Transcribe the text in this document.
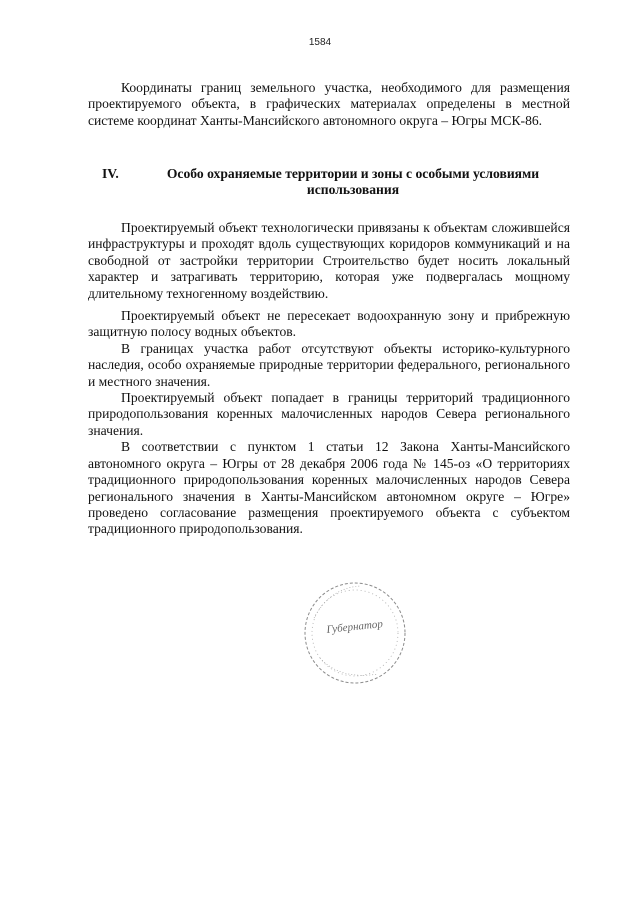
1584

Координаты границ земельного участка, необходимого для размещения проектируемого объекта, в графических материалах определены в местной системе координат Ханты-Мансийского автономного округа – Югры МСК-86.

IV.	Особо охраняемые территории и зоны с особыми условиями использования

Проектируемый объект технологически привязаны к объектам сложившейся инфраструктуры и проходят вдоль существующих коридоров коммуникаций и на свободной от застройки территории Строительство будет носить локальный характер и затрагивать территорию, которая уже подвергалась мощному длительному техногенному воздействию.

Проектируемый объект не пересекает водоохранную зону и прибрежную защитную полосу водных объектов.

В границах участка работ отсутствуют объекты историко-культурного наследия, особо охраняемые природные территории федерального, регионального и местного значения.

Проектируемый объект попадает в границы территорий традиционного природопользования коренных малочисленных народов Севера регионального значения.

В соответствии с пунктом 1 статьи 12 Закона Ханты-Мансийского автономного округа – Югры от 28 декабря 2006 года № 145-оз «О территориях традиционного природопользования коренных малочисленных народов Севера регионального значения в Ханты-Мансийском автономном округе – Югре» проведено согласование размещения проектируемого объекта с субъектом традиционного природопользования.

Губернатор
